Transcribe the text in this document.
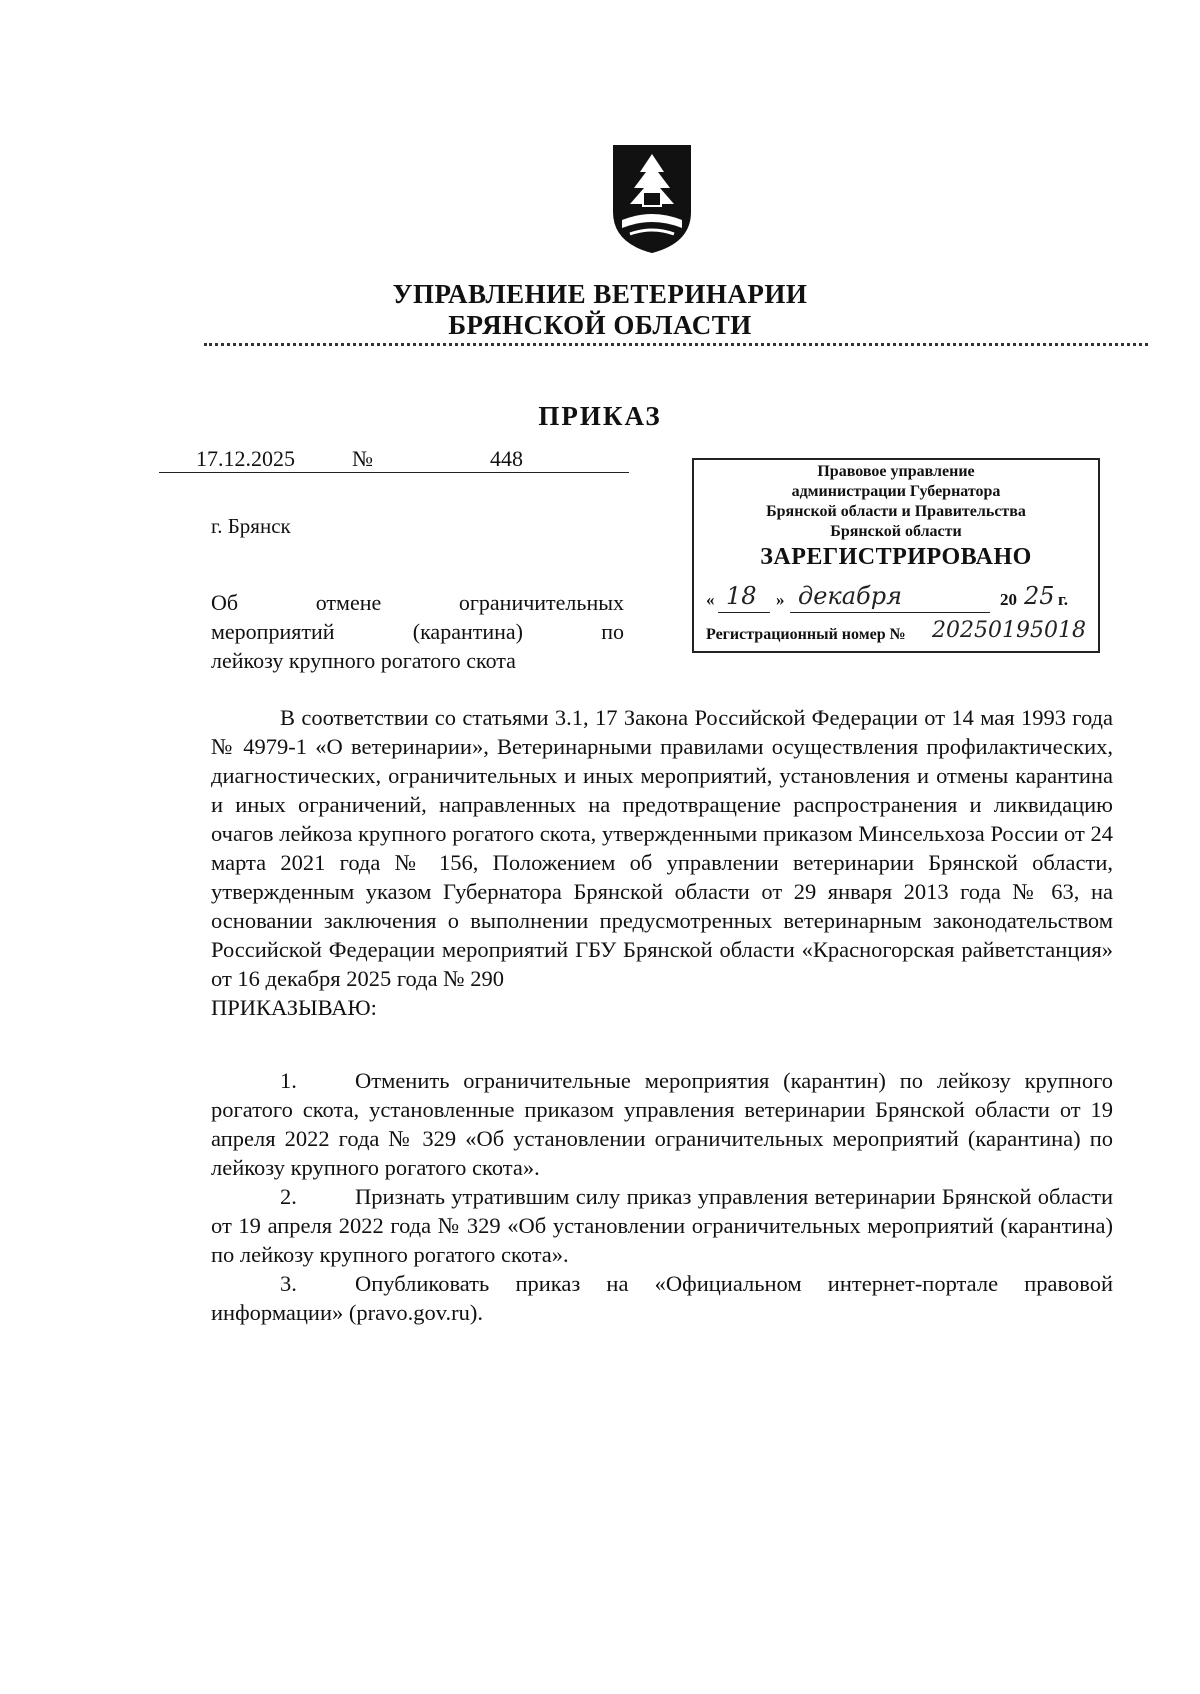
УПРАВЛЕНИЕ ВЕТЕРИНАРИИ
БРЯНСКОЙ ОБЛАСТИ
ПРИКАЗ
17.12.2025	№	448
г. Брянск
Об отмене ограничительных
мероприятий (карантина) по
лейкозу крупного рогатого скота
Правовое управление
администрации Губернатора
Брянской области и Правительства
Брянской области
ЗАРЕГИСТРИРОВАНО
« 18 » декабря	20 25 г.
Регистрационный номер № 20250195018

В соответствии со статьями 3.1, 17 Закона Российской Федерации от 14 мая 1993 года № 4979-1 «О ветеринарии», Ветеринарными правилами осуществления профилактических, диагностических, ограничительных и иных мероприятий, установления и отмены карантина и иных ограничений, направленных на предотвращение распространения и ликвидацию очагов лейкоза крупного рогатого скота, утвержденными приказом Минсельхоза России от 24 марта 2021 года № 156, Положением об управлении ветеринарии Брянской области, утвержденным указом Губернатора Брянской области от 29 января 2013 года № 63, на основании заключения о выполнении предусмотренных ветеринарным законодательством Российской Федерации мероприятий ГБУ Брянской области «Красногорская райветстанция» от 16 декабря 2025 года № 290

ПРИКАЗЫВАЮ:

1.	Отменить ограничительные мероприятия (карантин) по лейкозу крупного рогатого скота, установленные приказом управления ветеринарии Брянской области от 19 апреля 2022 года № 329 «Об установлении ограничительных мероприятий (карантина) по лейкозу крупного рогатого скота».

2.	Признать утратившим силу приказ управления ветеринарии Брянской области от 19 апреля 2022 года № 329 «Об установлении ограничительных мероприятий (карантина) по лейкозу крупного рогатого скота».

3.	Опубликовать приказ на «Официальном интернет-портале правовой информации» (pravo.gov.ru).
